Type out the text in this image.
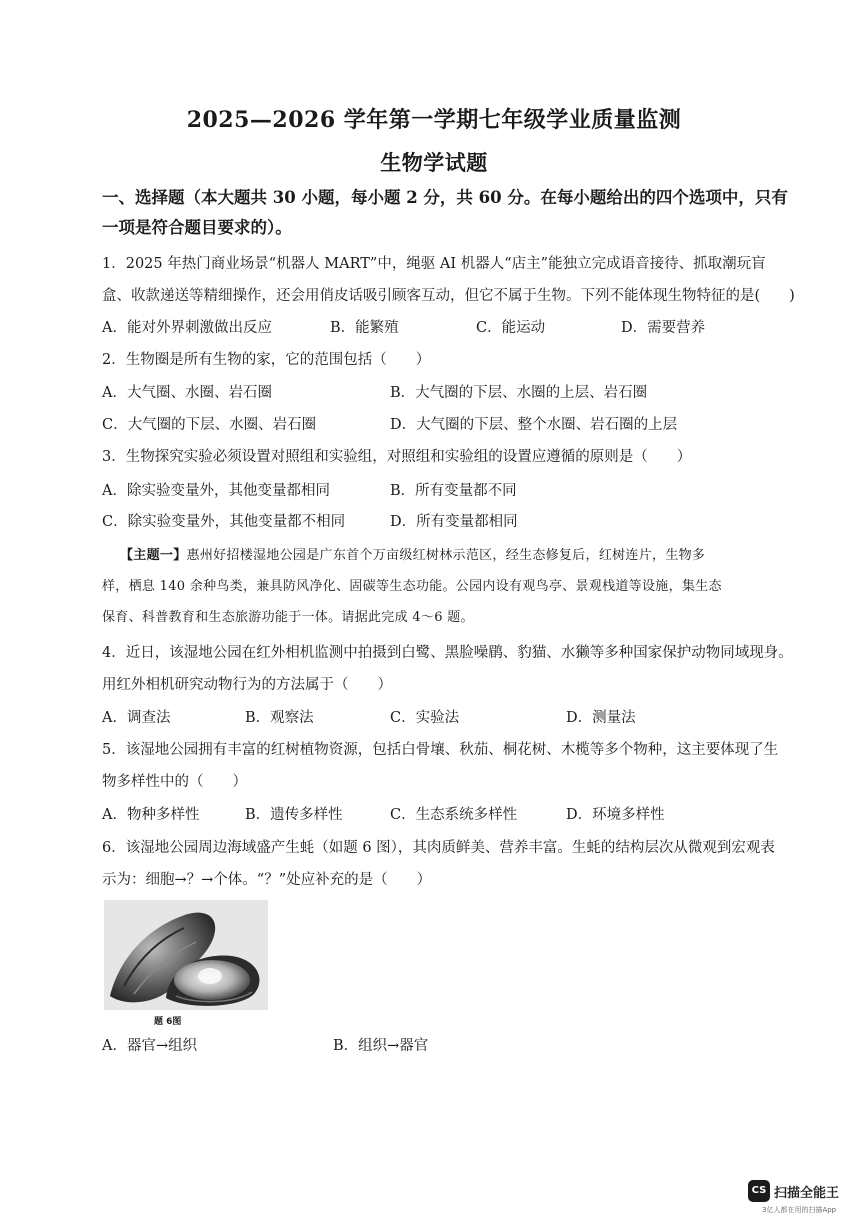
2025—2026 学年第一学期七年级学业质量监测
生物学试题
一、选择题（本大题共 30 小题，每小题 2 分，共 60 分。在每小题给出的四个选项中，只有
一项是符合题目要求的）。
1．2025 年热门商业场景“机器人 MART”中，绳驱 AI 机器人“店主”能独立完成语音接待、抓取潮玩盲
盒、收款递送等精细操作，还会用俏皮话吸引顾客互动，但它不属于生物。下列不能体现生物特征的是(　　)
A．能对外界刺激做出反应	B．能繁殖	C．能运动	D．需要营养
2．生物圈是所有生物的家，它的范围包括（　　）
A．大气圈、水圈、岩石圈	B．大气圈的下层、水圈的上层、岩石圈
C．大气圈的下层、水圈、岩石圈	D．大气圈的下层、整个水圈、岩石圈的上层
3．生物探究实验必须设置对照组和实验组，对照组和实验组的设置应遵循的原则是（　　）
A．除实验变量外，其他变量都相同	B．所有变量都不同
C．除实验变量外，其他变量都不相同	D．所有变量都相同
【主题一】惠州好招楼湿地公园是广东首个万亩级红树林示范区，经生态修复后，红树连片，生物多
样，栖息 140 余种鸟类，兼具防风净化、固碳等生态功能。公园内设有观鸟亭、景观栈道等设施，集生态
保育、科普教育和生态旅游功能于一体。请据此完成 4～6 题。
4．近日，该湿地公园在红外相机监测中拍摄到白鹭、黑脸噪鹛、豹猫、水獭等多种国家保护动物同域现身。
用红外相机研究动物行为的方法属于（　　）
A．调查法	B．观察法	C．实验法	D．测量法
5．该湿地公园拥有丰富的红树植物资源，包括白骨壤、秋茄、桐花树、木榄等多个物种，这主要体现了生
物多样性中的（　　）
A．物种多样性	B．遗传多样性	C．生态系统多样性	D．环境多样性
6．该湿地公园周边海域盛产生蚝（如题 6 图），其肉质鲜美、营养丰富。生蚝的结构层次从微观到宏观表
示为：细胞→？→个体。“？”处应补充的是（　　）
题 6图
A．器官→组织	B．组织→器官
CS 扫描全能王
3亿人都在用的扫描App
